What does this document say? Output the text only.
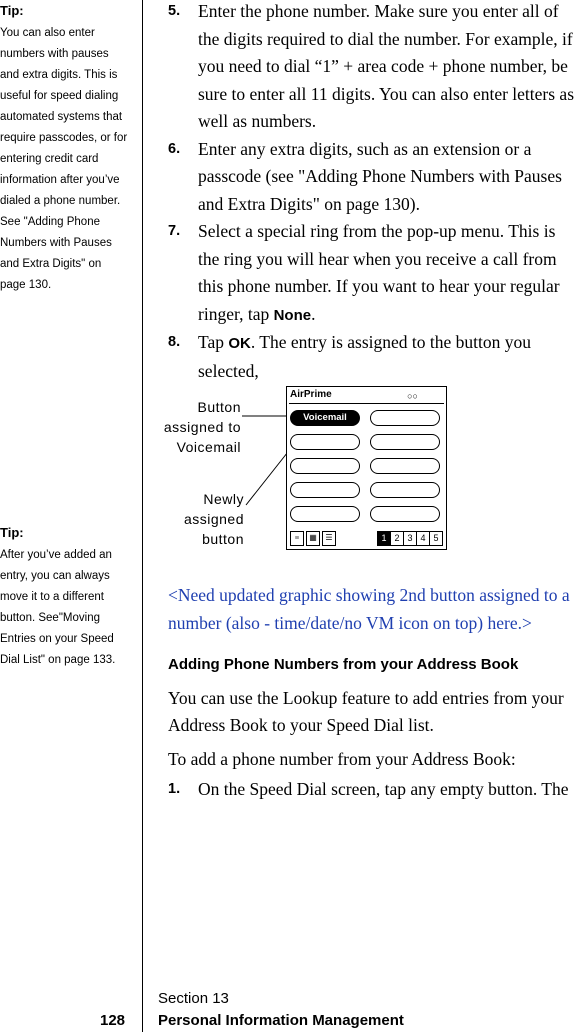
Tip:
You can also enter numbers with pauses and extra digits. This is useful for speed dialing automated systems that require passcodes, or for entering credit card information after you’ve dialed a phone number. See "Adding Phone Numbers with Pauses and Extra Digits" on page 130.
Tip:
After you’ve added an entry, you can always move it to a different button. See"Moving Entries on your Speed Dial List" on page 133.
5. Enter the phone number. Make sure you enter all of the digits required to dial the number. For example, if you need to dial “1” + area code + phone number, be sure to enter all 11 digits. You can also enter letters as well as numbers.

6. Enter any extra digits, such as an extension or a passcode (see "Adding Phone Numbers with Pauses and Extra Digits" on page 130).

7. Select a special ring from the pop-up menu. This is the ring you will hear when you receive a call from this phone number. If you want to hear your regular ringer, tap None.

8. Tap OK. The entry is assigned to the button you selected,

<Need updated graphic showing 2nd button assigned to a number (also - time/date/no VM icon on top) here.>

Adding Phone Numbers from your Address Book

You can use the Lookup feature to add entries from your Address Book to your Speed Dial list.

To add a phone number from your Address Book:

1. On the Speed Dial screen, tap any empty button. The

Button
assigned to
Voicemail
Newly
assigned
button
AirPrime	○○
Voicemail
≡	▦	☰	1 2 3 4 5
128
Section 13
Personal Information Management
